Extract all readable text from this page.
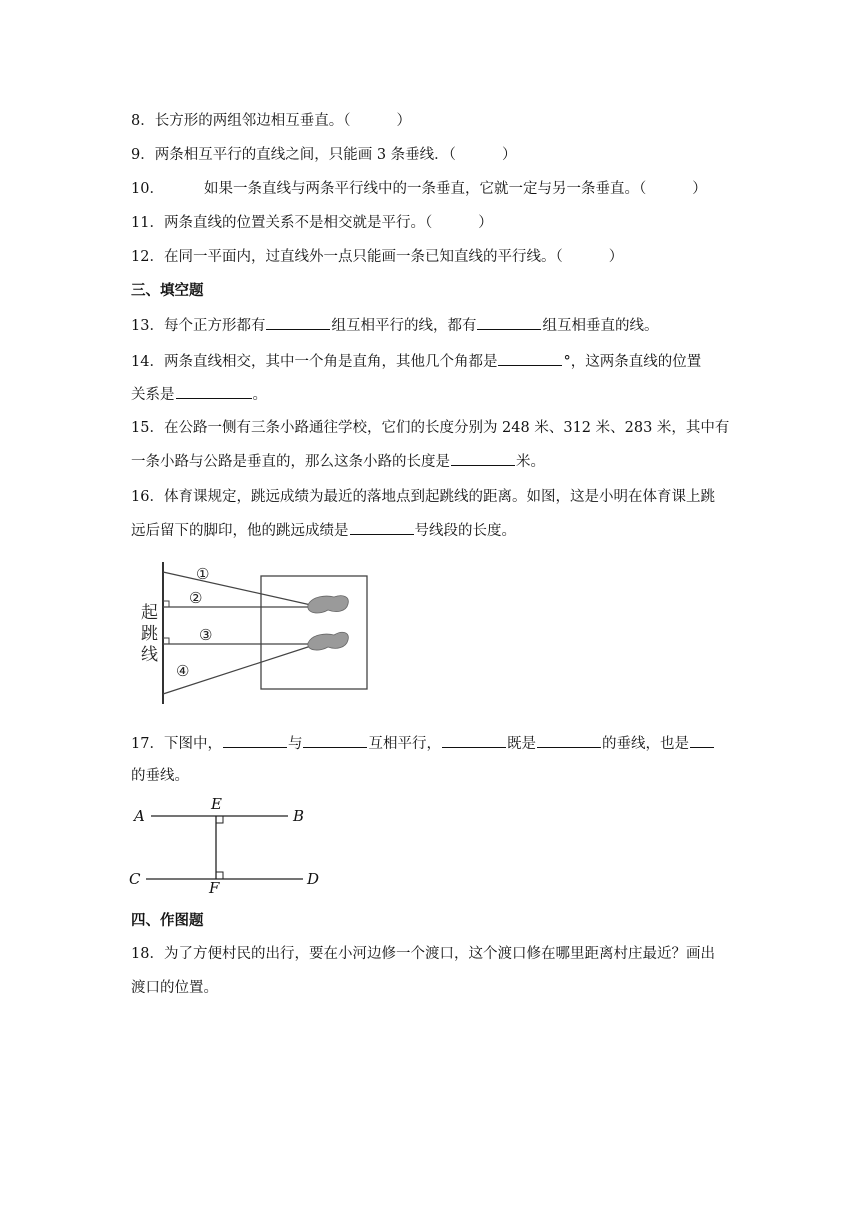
8．长方形的两组邻边相互垂直。（	）
9．两条相互平行的直线之间，只能画 3 条垂线．（	）
10．	如果一条直线与两条平行线中的一条垂直，它就一定与另一条垂直。（	）
11．两条直线的位置关系不是相交就是平行。（	）
12．在同一平面内，过直线外一点只能画一条已知直线的平行线。（	）
三、填空题
13．每个正方形都有	组互相平行的线，都有	组互相垂直的线。
14．两条直线相交，其中一个角是直角，其他几个角都是	°，这两条直线的位置
关系是	。
15．在公路一侧有三条小路通往学校，它们的长度分别为 248 米、312 米、283 米，其中有
一条小路与公路是垂直的，那么这条小路的长度是	米。
16．体育课规定，跳远成绩为最近的落地点到起跳线的距离。如图，这是小明在体育课上跳
远后留下的脚印，他的跳远成绩是	号线段的长度。
起
跳
线
①
②
③
④
17．下图中，	与	互相平行，	既是	的垂线，也是
的垂线。
A	B
C	D
E
F
四、作图题
18．为了方便村民的出行，要在小河边修一个渡口，这个渡口修在哪里距离村庄最近？画出
渡口的位置。
